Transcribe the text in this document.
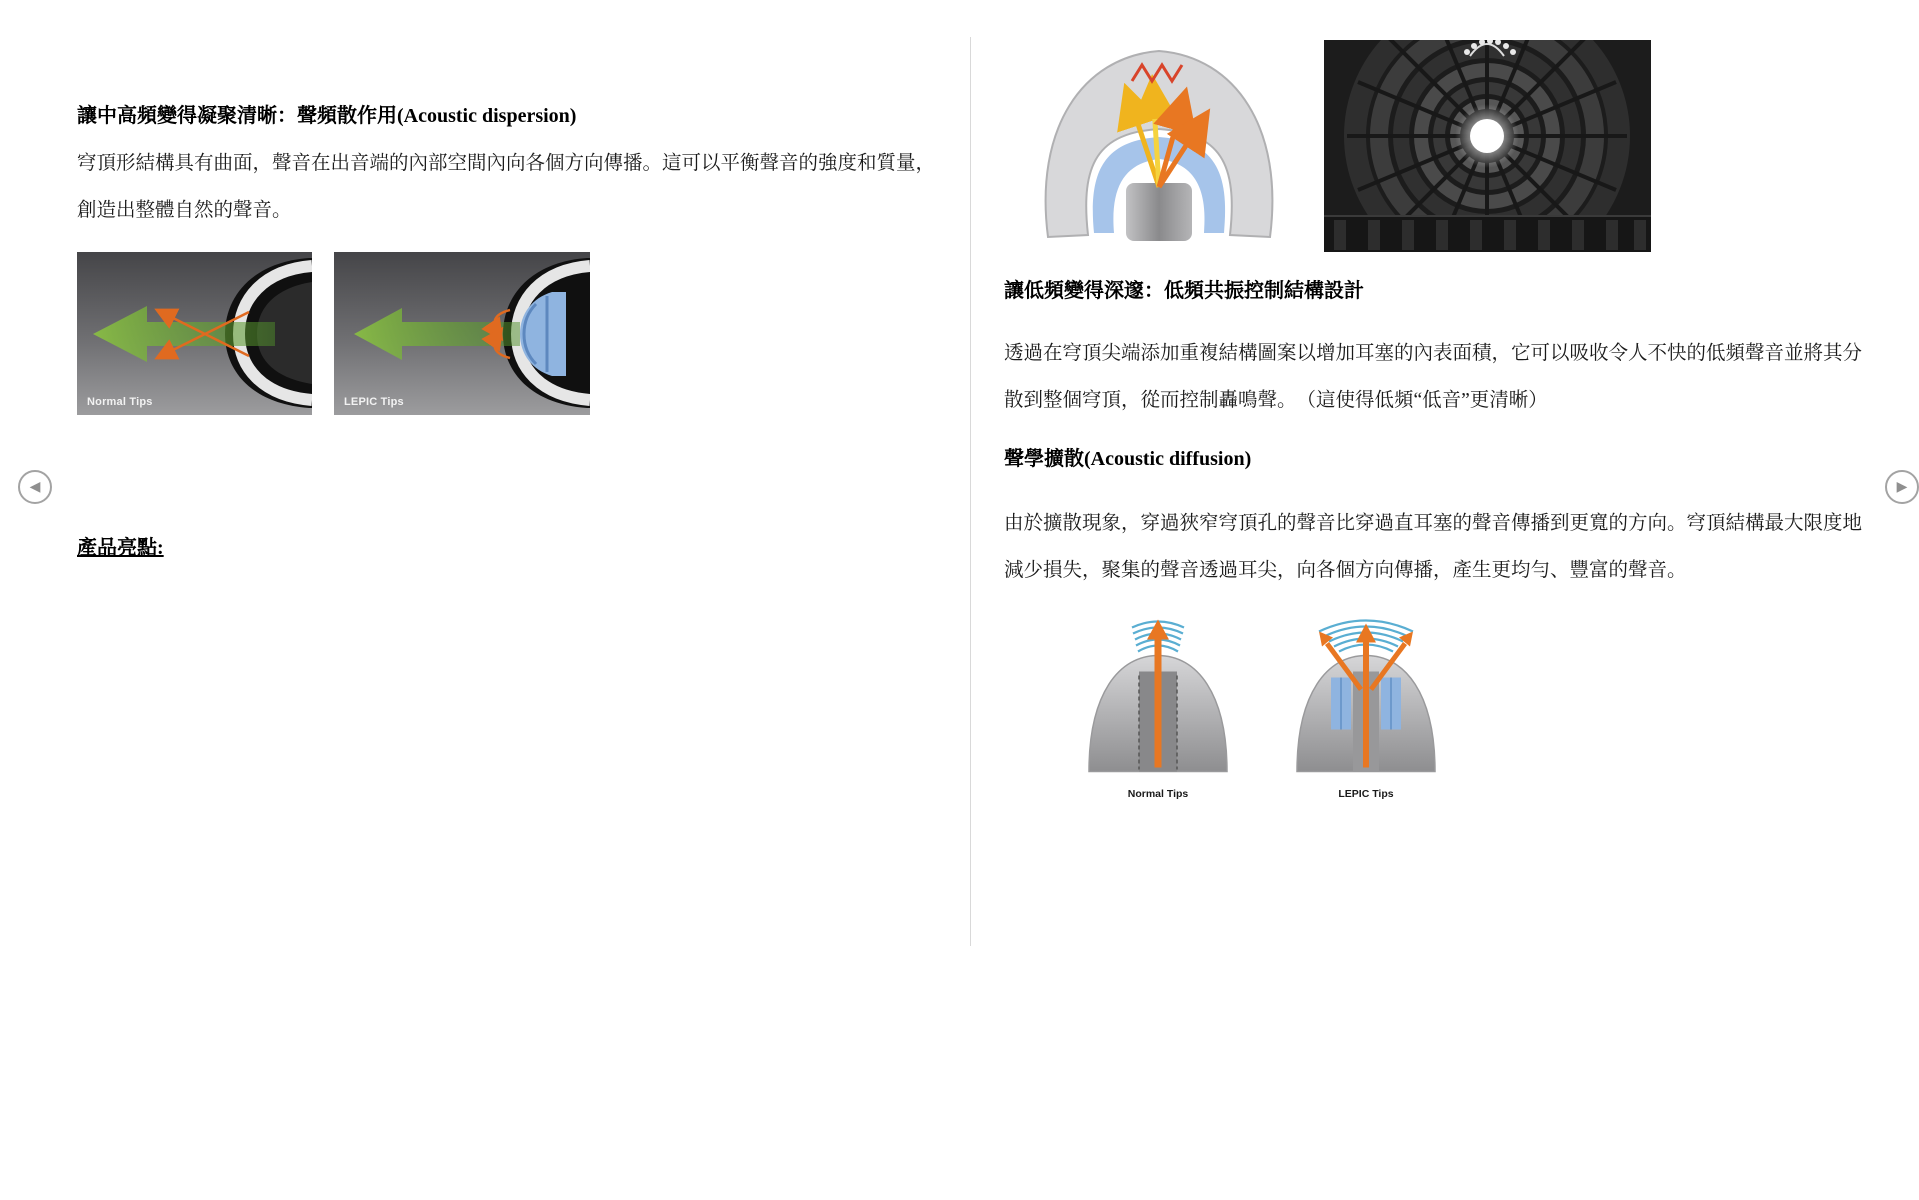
◀	▶
讓中高頻變得凝聚清晰：聲頻散作用(Acoustic dispersion)
穹頂形結構具有曲面，聲音在出音端的內部空間內向各個方向傳播。這可以平衡聲音的強度和質量，創造出整體自然的聲音。
Normal Tips	LEPIC Tips
產品亮點:
讓低頻變得深邃：低頻共振控制結構設計
透過在穹頂尖端添加重複結構圖案以增加耳塞的內表面積，它可以吸收令人不快的低頻聲音並將其分散到整個穹頂，從而控制轟鳴聲。　（這使得低頻“低音”更清晰）
聲學擴散(Acoustic diffusion)
由於擴散現象，穿過狹窄穹頂孔的聲音比穿過直耳塞的聲音傳播到更寬的方向。穹頂結構最大限度地減少損失，聚集的聲音透過耳尖，向各個方向傳播，產生更均勻、豐富的聲音。
Normal Tips	LEPIC Tips
